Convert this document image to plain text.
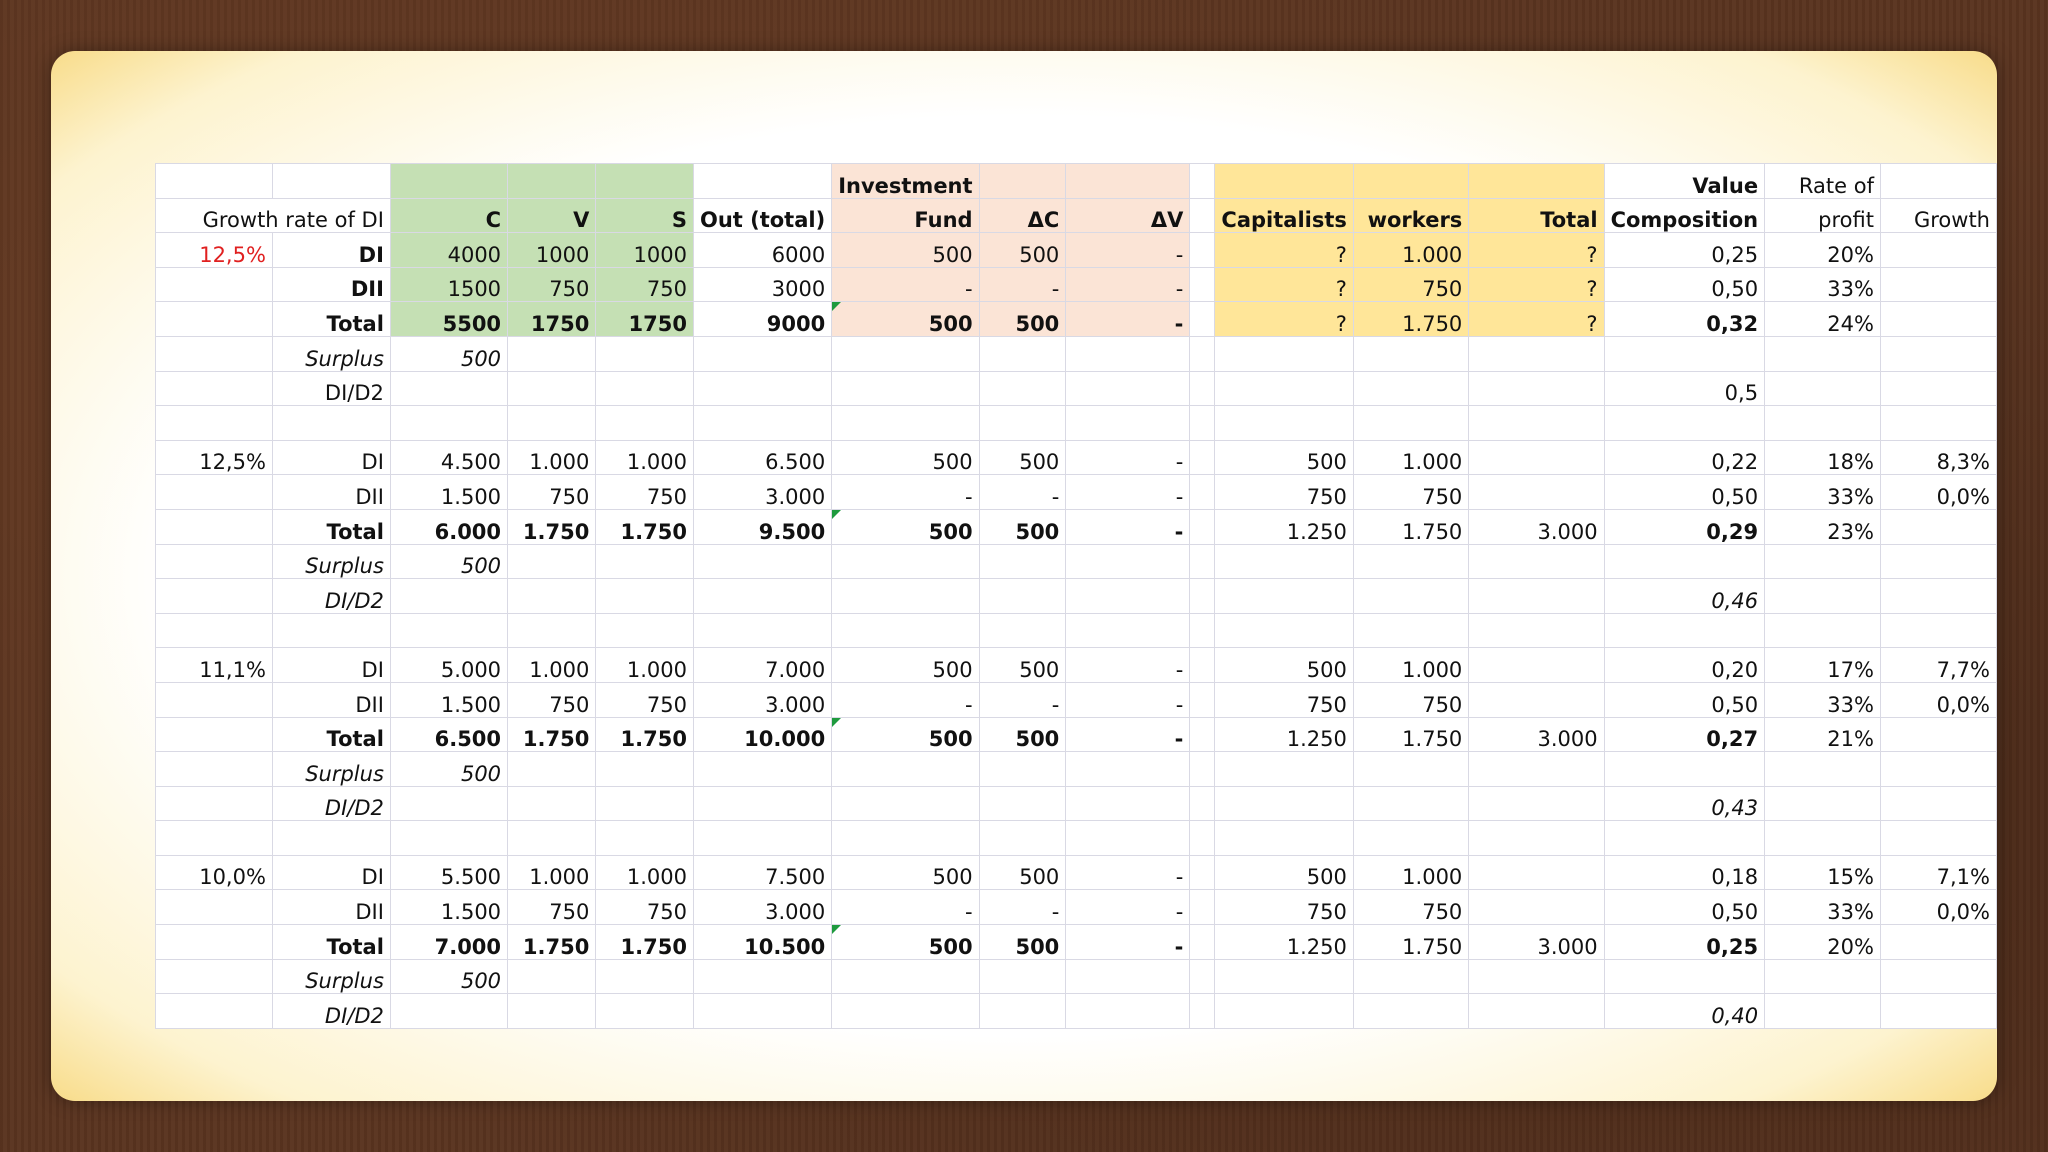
						Investment							Value	Rate of	
Growth rate of DI		C	V	S	Out (total)	Fund	ΔC	ΔV		Capitalists	workers	Total	Composition	profit	Growth
12,5%	DI	4000	1000	1000	6000	500	500	-		?	1.000	?	0,25	20%	
	DII	1500	750	750	3000	-	-	-		?	750	?	0,50	33%	
	Total	5500	1750	1750	9000	500	500	-		?	1.750	?	0,32	24%	
	Surplus	500													
	DI/D2												0,5		

12,5%	DI	4.500	1.000	1.000	6.500	500	500	-		500	1.000		0,22	18%	8,3%
	DII	1.500	750	750	3.000	-	-	-		750	750		0,50	33%	0,0%
	Total	6.000	1.750	1.750	9.500	500	500	-		1.250	1.750	3.000	0,29	23%	
	Surplus	500													
	DI/D2												0,46		

11,1%	DI	5.000	1.000	1.000	7.000	500	500	-		500	1.000		0,20	17%	7,7%
	DII	1.500	750	750	3.000	-	-	-		750	750		0,50	33%	0,0%
	Total	6.500	1.750	1.750	10.000	500	500	-		1.250	1.750	3.000	0,27	21%	
	Surplus	500													
	DI/D2												0,43		

10,0%	DI	5.500	1.000	1.000	7.500	500	500	-		500	1.000		0,18	15%	7,1%
	DII	1.500	750	750	3.000	-	-	-		750	750		0,50	33%	0,0%
	Total	7.000	1.750	1.750	10.500	500	500	-		1.250	1.750	3.000	0,25	20%	
	Surplus	500													
	DI/D2												0,40		
